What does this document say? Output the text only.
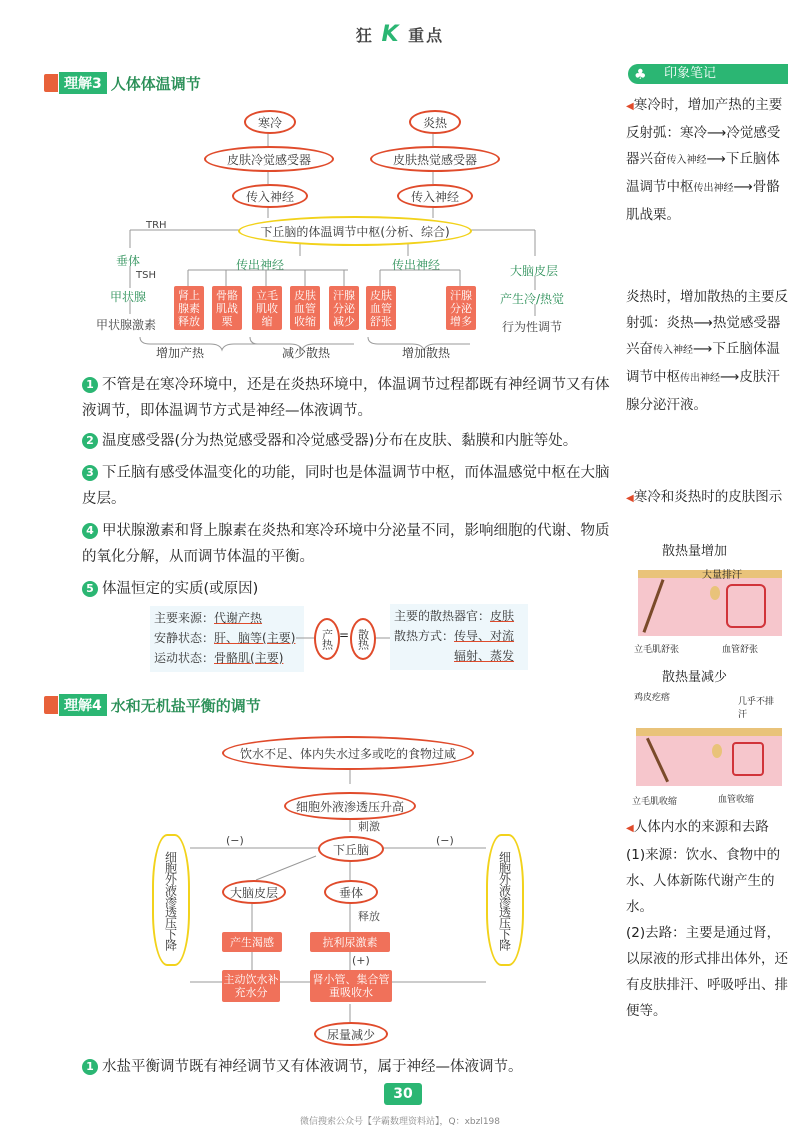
狂 K 重点
理解3 人体体温调节
寒冷	炎热
皮肤冷觉感受器	皮肤热觉感受器
传入神经	传入神经
下丘脑的体温调节中枢(分析、综合)
TRH
垂体
TSH
甲状腺
甲状腺激素
传出神经	传出神经
肾上腺素释放
骨骼肌战栗
立毛肌收缩
皮肤血管收缩
汗腺分泌减少
皮肤血管舒张
汗腺分泌增多
大脑皮层
产生冷/热觉
行为性调节
增加产热	减少散热	增加散热
1 不管是在寒冷环境中，还是在炎热环境中，体温调节过程都既有神经调节又有体液调节，即体温调节方式是神经—体液调节。
2 温度感受器(分为热觉感受器和冷觉感受器)分布在皮肤、黏膜和内脏等处。
3 下丘脑有感受体温变化的功能，同时也是体温调节中枢，而体温感觉中枢在大脑皮层。
4 甲状腺激素和肾上腺素在炎热和寒冷环境中分泌量不同，影响细胞的代谢、物质的氧化分解，从而调节体温的平衡。
5 体温恒定的实质(或原因)
主要来源：代谢产热
安静状态：肝、脑等(主要)
运动状态：骨骼肌(主要)
产热 = 散热
主要的散热器官：皮肤
散热方式：传导、对流
辐射、蒸发
理解4 水和无机盐平衡的调节
饮水不足、体内失水过多或吃的食物过咸
细胞外液渗透压升高
刺激
下丘脑
(−)	(−)
细胞外液渗透压下降	细胞外液渗透压下降
大脑皮层	垂体
释放
产生渴感	抗利尿激素
(+)
主动饮水补充水分
肾小管、集合管重吸收水
尿量减少
1 水盐平衡调节既有神经调节又有体液调节，属于神经—体液调节。
♣ 印象笔记
◀寒冷时，增加产热的主要反射弧：寒冷⟶冷觉感受器兴奋传入神经⟶下丘脑体温调节中枢传出神经⟶骨骼肌战栗。
炎热时，增加散热的主要反射弧：炎热⟶热觉感受器兴奋传入神经⟶下丘脑体温调节中枢传出神经⟶皮肤汗腺分泌汗液。
◀寒冷和炎热时的皮肤图示
散热量增加
大量排汗
立毛肌舒张	血管舒张
散热量减少
鸡皮疙瘩	几乎不排汗
立毛肌收缩	血管收缩
◀人体内水的来源和去路
(1)来源：饮水、食物中的水、人体新陈代谢产生的水。
(2)去路：主要是通过肾，以尿液的形式排出体外，还有皮肤排汗、呼吸呼出、排便等。
30
微信搜索公众号【学霸数理资料站】，Q：xbzl198
